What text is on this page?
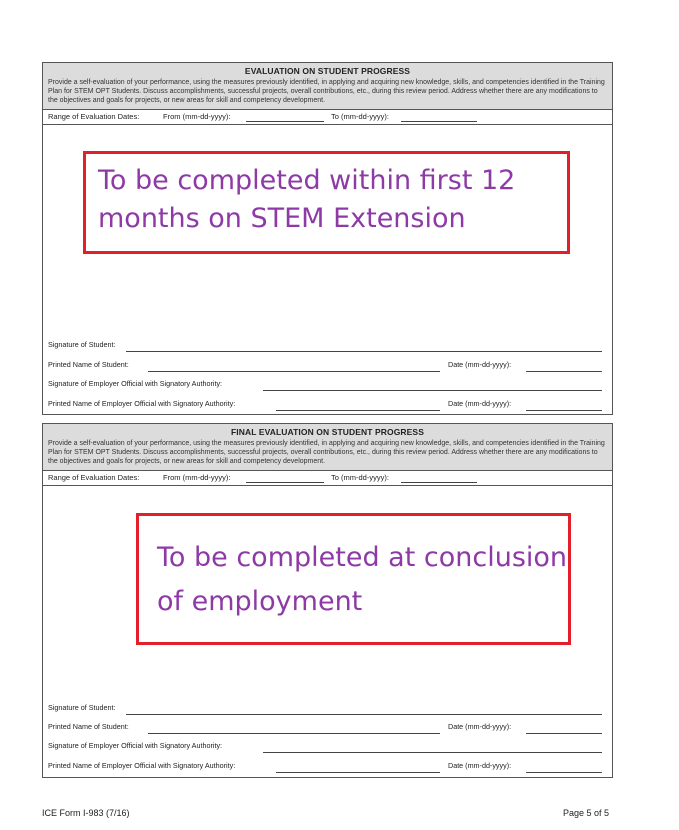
EVALUATION ON STUDENT PROGRESS
Provide a self-evaluation of your performance, using the measures previously identified, in applying and acquiring new knowledge, skills, and competencies identified in the Training Plan for STEM OPT Students. Discuss accomplishments, successful projects, overall contributions, etc., during this review period. Address whether there are any modifications to the objectives and goals for projects, or new areas for skill and competency development.
Range of Evaluation Dates:	From (mm-dd-yyyy):	To (mm-dd-yyyy):
Signature of Student:
Printed Name of Student:	Date (mm-dd-yyyy):
Signature of Employer Official with Signatory Authority:
Printed Name of Employer Official with Signatory Authority:	Date (mm-dd-yyyy):
FINAL EVALUATION ON STUDENT PROGRESS
Provide a self-evaluation of your performance, using the measures previously identified, in applying and acquiring new knowledge, skills, and competencies identified in the Training Plan for STEM OPT Students. Discuss accomplishments, successful projects, overall contributions, etc., during this review period. Address whether there are any modifications to the objectives and goals for projects, or new areas for skill and competency development.
Range of Evaluation Dates:	From (mm-dd-yyyy):	To (mm-dd-yyyy):
Signature of Student:
Printed Name of Student:	Date (mm-dd-yyyy):
Signature of Employer Official with Signatory Authority:
Printed Name of Employer Official with Signatory Authority:	Date (mm-dd-yyyy):
To be completed within first 12 months on STEM Extension
To be completed at conclusion of employment
ICE Form I-983 (7/16)	Page 5 of 5
